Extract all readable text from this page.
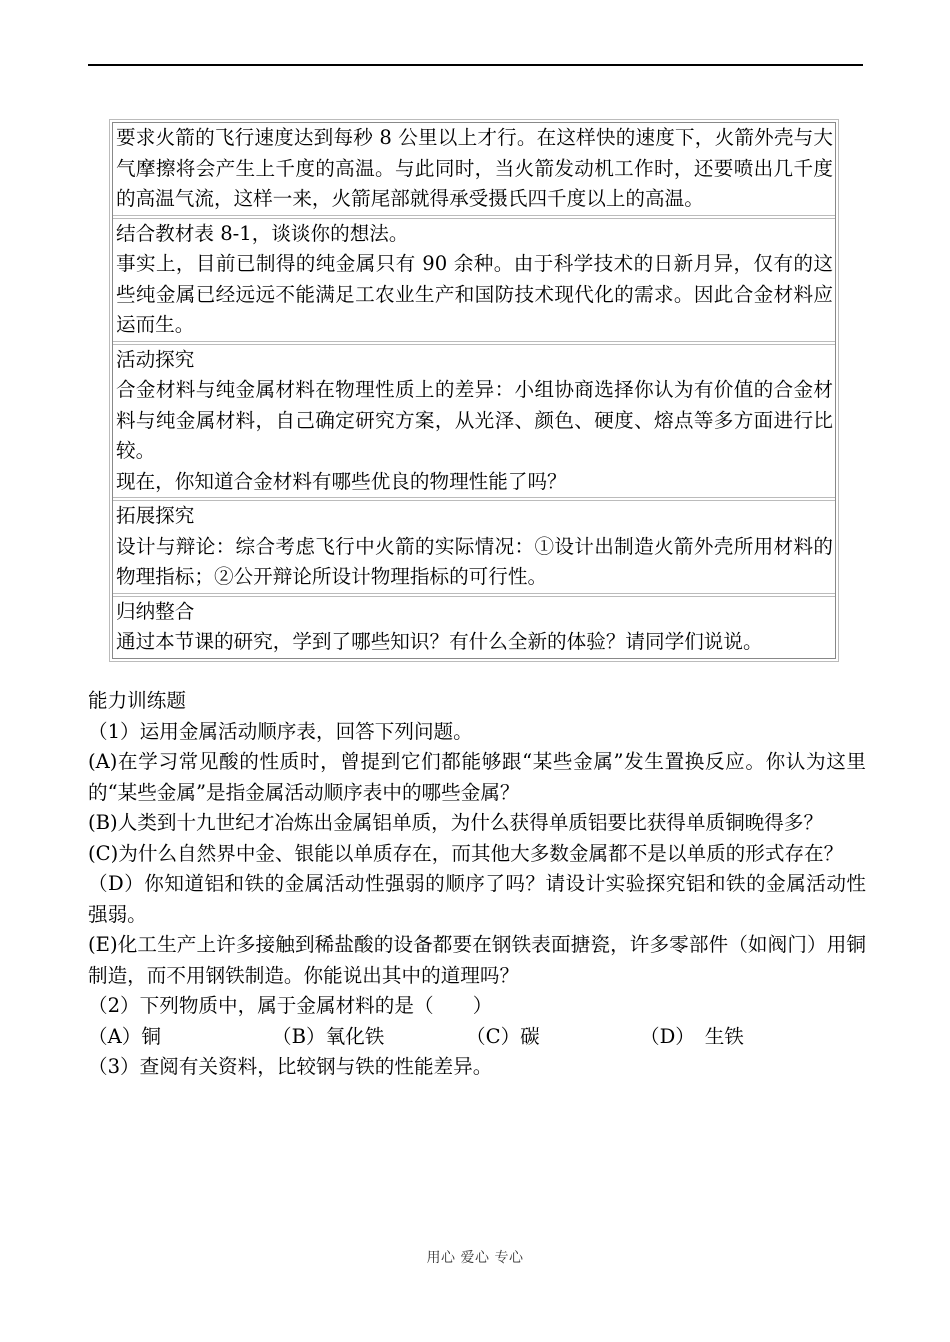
要求火箭的飞行速度达到每秒 8 公里以上才行。在这样快的速度下，火箭外壳与大气摩擦将会产生上千度的高温。与此同时，当火箭发动机工作时，还要喷出几千度的高温气流，这样一来，火箭尾部就得承受摄氏四千度以上的高温。

结合教材表 8-1，谈谈你的想法。

事实上，目前已制得的纯金属只有 90 余种。由于科学技术的日新月异，仅有的这些纯金属已经远远不能满足工农业生产和国防技术现代化的需求。因此合金材料应运而生。

活动探究

合金材料与纯金属材料在物理性质上的差异：小组协商选择你认为有价值的合金材料与纯金属材料，自己确定研究方案，从光泽、颜色、硬度、熔点等多方面进行比较。

现在，你知道合金材料有哪些优良的物理性能了吗？

拓展探究

设计与辩论：综合考虑飞行中火箭的实际情况：①设计出制造火箭外壳所用材料的物理指标；②公开辩论所设计物理指标的可行性。

归纳整合

通过本节课的研究，学到了哪些知识？有什么全新的体验？请同学们说说。

能力训练题

（1）运用金属活动顺序表，回答下列问题。

(A)在学习常见酸的性质时，曾提到它们都能够跟“某些金属”发生置换反应。你认为这里的“某些金属”是指金属活动顺序表中的哪些金属？

(B)人类到十九世纪才冶炼出金属铝单质，为什么获得单质铝要比获得单质铜晚得多？

(C)为什么自然界中金、银能以单质存在，而其他大多数金属都不是以单质的形式存在？

（D）你知道铝和铁的金属活动性强弱的顺序了吗？请设计实验探究铝和铁的金属活动性强弱。

(E)化工生产上许多接触到稀盐酸的设备都要在钢铁表面搪瓷，许多零部件（如阀门）用铜制造，而不用钢铁制造。你能说出其中的道理吗？

（2）下列物质中，属于金属材料的是（　　）

（A）铜	（B）氧化铁	（C）碳	（D）　生铁

（3）查阅有关资料，比较钢与铁的性能差异。

用心 爱心 专心
